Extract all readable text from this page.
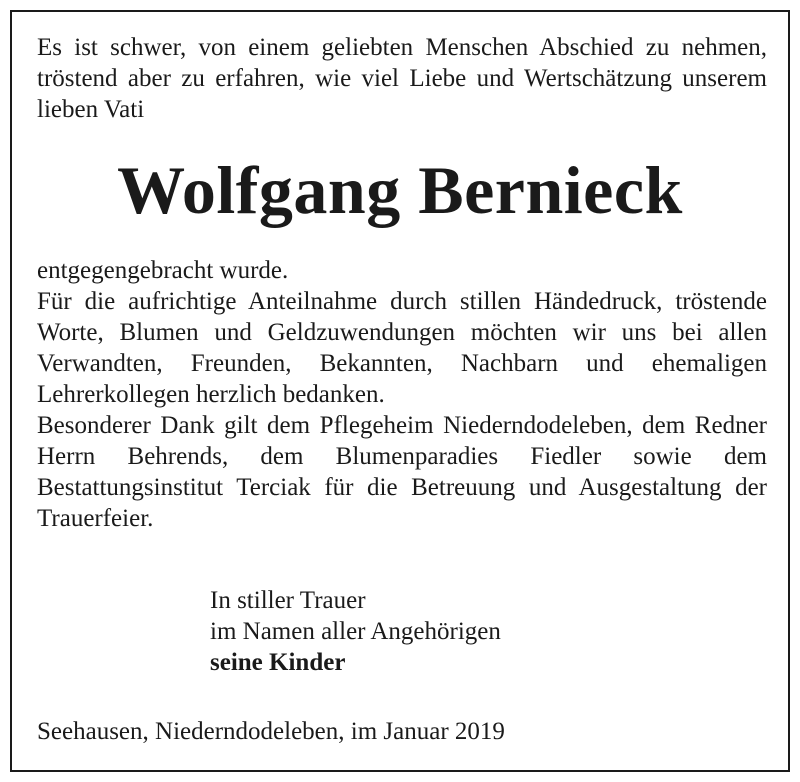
Es ist schwer, von einem geliebten Menschen Abschied zu nehmen, tröstend aber zu erfahren, wie viel Liebe und Wertschätzung unserem lieben Vati

Wolfgang Bernieck
entgegengebracht wurde.
Für die aufrichtige Anteilnahme durch stillen Händedruck, tröstende Worte, Blumen und Geldzuwendungen möchten wir uns bei allen Verwandten, Freunden, Bekannten, Nachbarn und ehemaligen Lehrerkollegen herzlich bedanken.

Besonderer Dank gilt dem Pflegeheim Niederndodeleben, dem Redner Herrn Behrends, dem Blumenparadies Fiedler sowie dem Bestattungsinstitut Terciak für die Betreuung und Ausgestaltung der Trauerfeier.

In stiller Trauer
im Namen aller Angehörigen
seine Kinder

Seehausen, Niederndodeleben, im Januar 2019
